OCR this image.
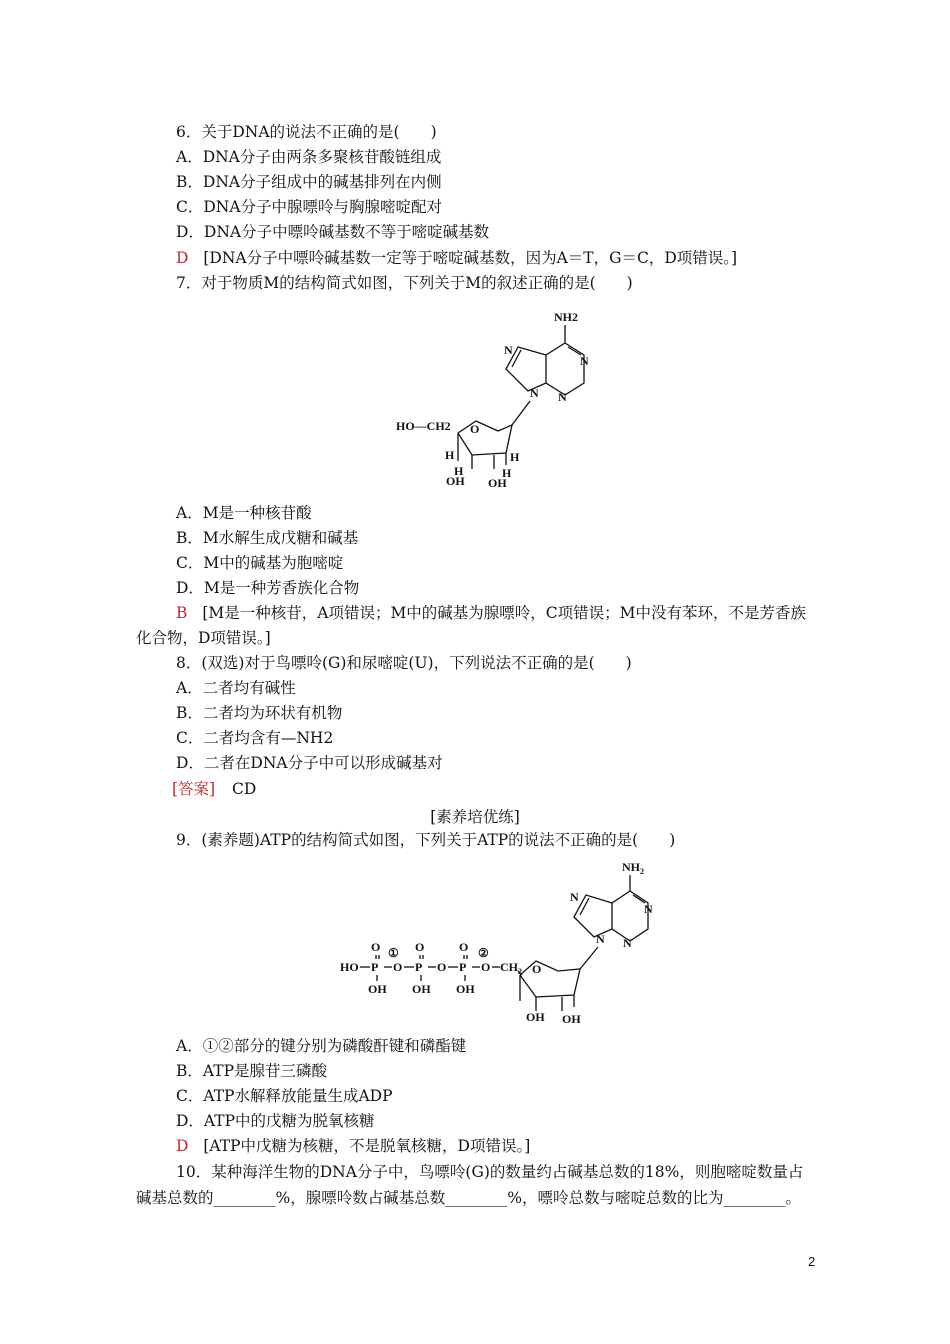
6．关于DNA的说法不正确的是(　　)
A．DNA分子由两条多聚核苷酸链组成
B．DNA分子组成中的碱基排列在内侧
C．DNA分子中腺嘌呤与胸腺嘧啶配对
D．DNA分子中嘌呤碱基数不等于嘧啶碱基数
D [DNA分子中嘌呤碱基数一定等于嘧啶碱基数，因为A＝T，G＝C，D项错误。]
7．对于物质M的结构简式如图，下列关于M的叙述正确的是(　　)
NH2
N
N
N
N
O
HO—CH2
H	H
H	H
OH OH
A．M是一种核苷酸
B．M水解生成戊糖和碱基
C．M中的碱基为胞嘧啶
D．M是一种芳香族化合物
B [M是一种核苷，A项错误；M中的碱基为腺嘌呤，C项错误；M中没有苯环，不是芳香族
化合物，D项错误。]
8．(双选)对于鸟嘌呤(G)和尿嘧啶(U)，下列说法不正确的是(　　)
A．二者均有碱性
B．二者均为环状有机物
C．二者均含有—NH2
D．二者在DNA分子中可以形成碱基对
[答案] CD
[素养培优练]
9．(素养题)ATP的结构简式如图，下列关于ATP的说法不正确的是(　　)
$NH_2$
N
N
N
N
O
OH OH
HO P
O
OH
①
O P
O
OH
O P
O
OH
②
O $CH_2$
A．①②部分的键分别为磷酸酐键和磷酯键
B．ATP是腺苷三磷酸
C．ATP水解释放能量生成ADP
D．ATP中的戊糖为脱氧核糖
D [ATP中戊糖为核糖，不是脱氧核糖，D项错误。]
10．某种海洋生物的DNA分子中，鸟嘌呤(G)的数量约占碱基总数的18%，则胞嘧啶数量占
碱基总数的________%，腺嘌呤数占碱基总数________%，嘌呤总数与嘧啶总数的比为________。
2
